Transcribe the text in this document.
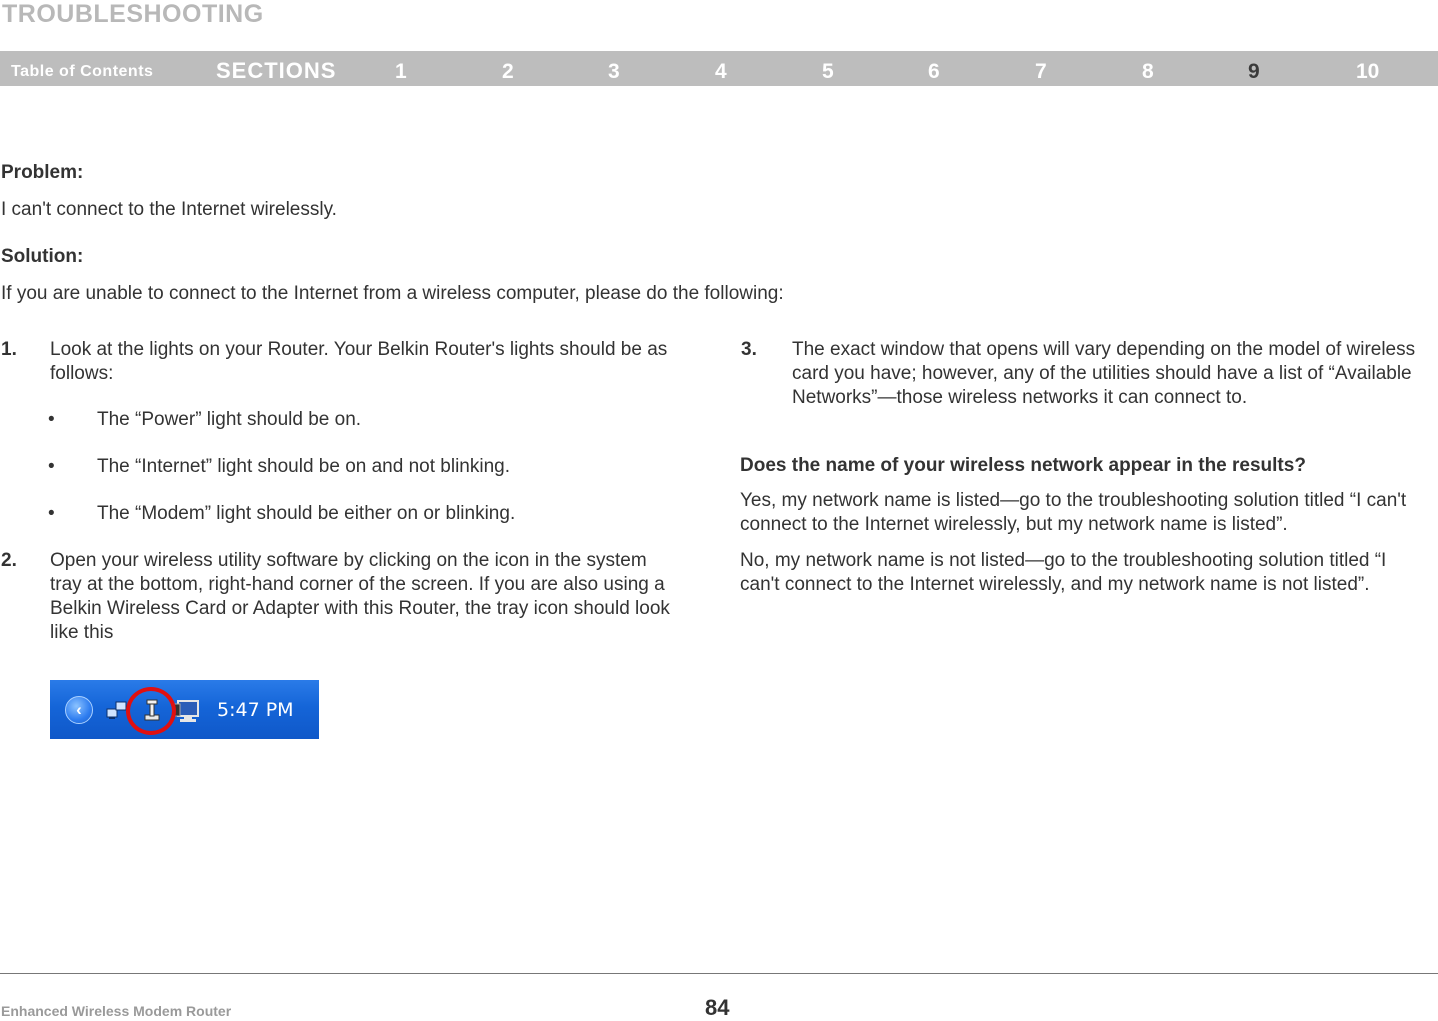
TROUBLESHOOTING
Table of Contents	SECTIONS	1	2	3	4	5	6	7	8	9	10
Problem:
I can't connect to the Internet wirelessly.
Solution:
If you are unable to connect to the Internet from a wireless computer, please do the following:
1. Look at the lights on your Router. Your Belkin Router's lights should be as follows:
• The “Power” light should be on.
• The “Internet” light should be on and not blinking.
• The “Modem” light should be either on or blinking.
2. Open your wireless utility software by clicking on the icon in the system tray at the bottom, right-hand corner of the screen. If you are also using a Belkin Wireless Card or Adapter with this Router, the tray icon should look like this
‹	5:47 PM
3. The exact window that opens will vary depending on the model of wireless card you have; however, any of the utilities should have a list of “Available Networks”—those wireless networks it can connect to.
Does the name of your wireless network appear in the results?
Yes, my network name is listed—go to the troubleshooting solution titled “I can't connect to the Internet wirelessly, but my network name is listed”.
No, my network name is not listed—go to the troubleshooting solution titled “I can't connect to the Internet wirelessly, and my network name is not listed”.
Enhanced Wireless Modem Router	84
